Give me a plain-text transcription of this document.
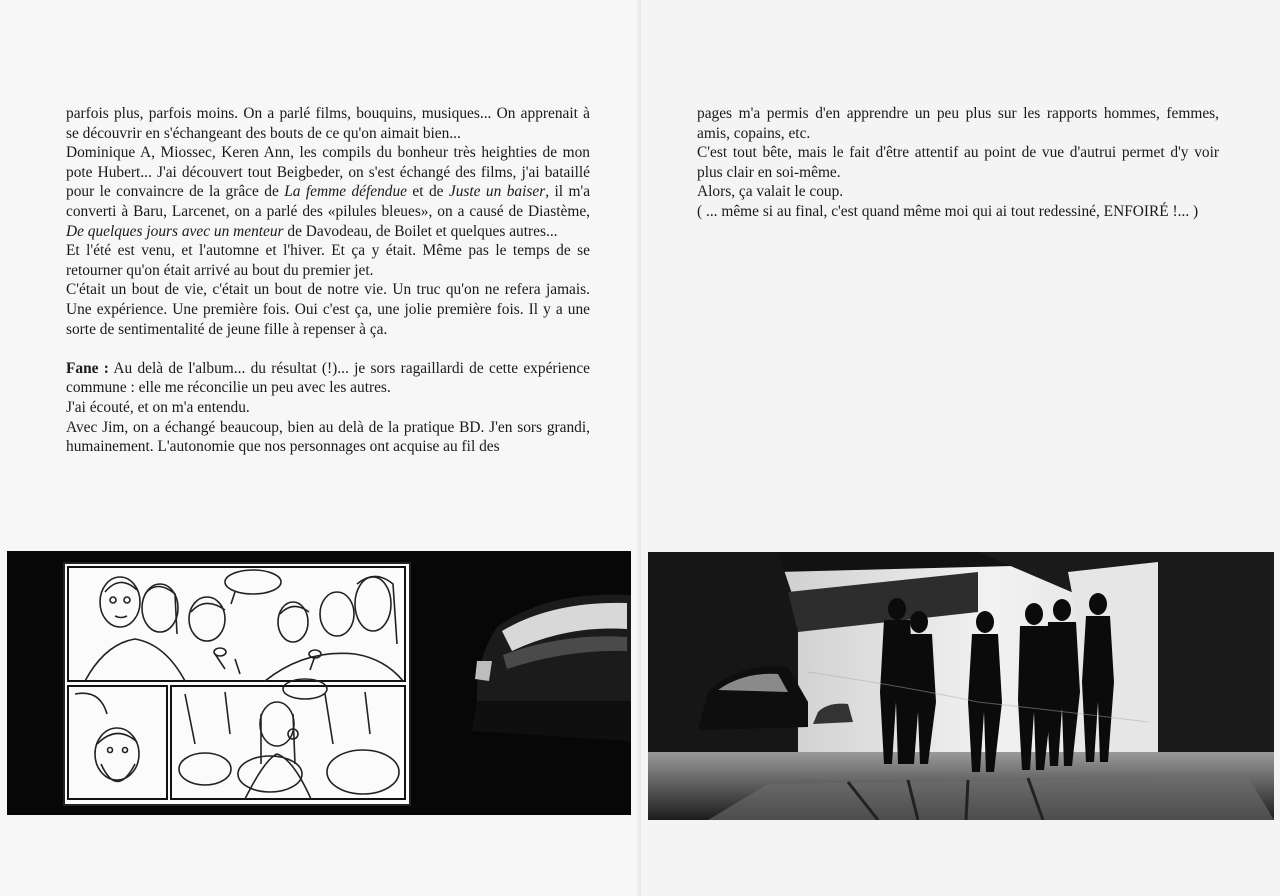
parfois plus, parfois moins. On a parlé films, bouquins, musiques... On apprenait à se découvrir en s'échangeant des bouts de ce qu'on aimait bien...

Dominique A, Miossec, Keren Ann, les compils du bonheur très heighties de mon pote Hubert... J'ai découvert tout Beigbeder, on s'est échangé des films, j'ai bataillé pour le convaincre de la grâce de La femme défendue et de Juste un baiser, il m'a converti à Baru, Larcenet, on a parlé des «pilules bleues», on a causé de Diastème, De quelques jours avec un menteur de Davodeau, de Boilet et quelques autres...

Et l'été est venu, et l'automne et l'hiver. Et ça y était. Même pas le temps de se retourner qu'on était arrivé au bout du premier jet.

C'était un bout de vie, c'était un bout de notre vie. Un truc qu'on ne refera jamais. Une expérience. Une première fois. Oui c'est ça, une jolie première fois. Il y a une sorte de sentimentalité de jeune fille à repenser à ça.

Fane : Au delà de l'album... du résultat (!)... je sors ragaillardi de cette expérience commune : elle me réconcilie un peu avec les autres.

J'ai écouté, et on m'a entendu.

Avec Jim, on a échangé beaucoup, bien au delà de la pratique BD. J'en sors grandi, humainement. L'autonomie que nos personnages ont acquise au fil des

pages m'a permis d'en apprendre un peu plus sur les rapports hommes, femmes, amis, copains, etc.

C'est tout bête, mais le fait d'être attentif au point de vue d'autrui permet d'y voir plus clair en soi-même.

Alors, ça valait le coup.

( ... même si au final, c'est quand même moi qui ai tout redessiné, ENFOIRÉ !... )
